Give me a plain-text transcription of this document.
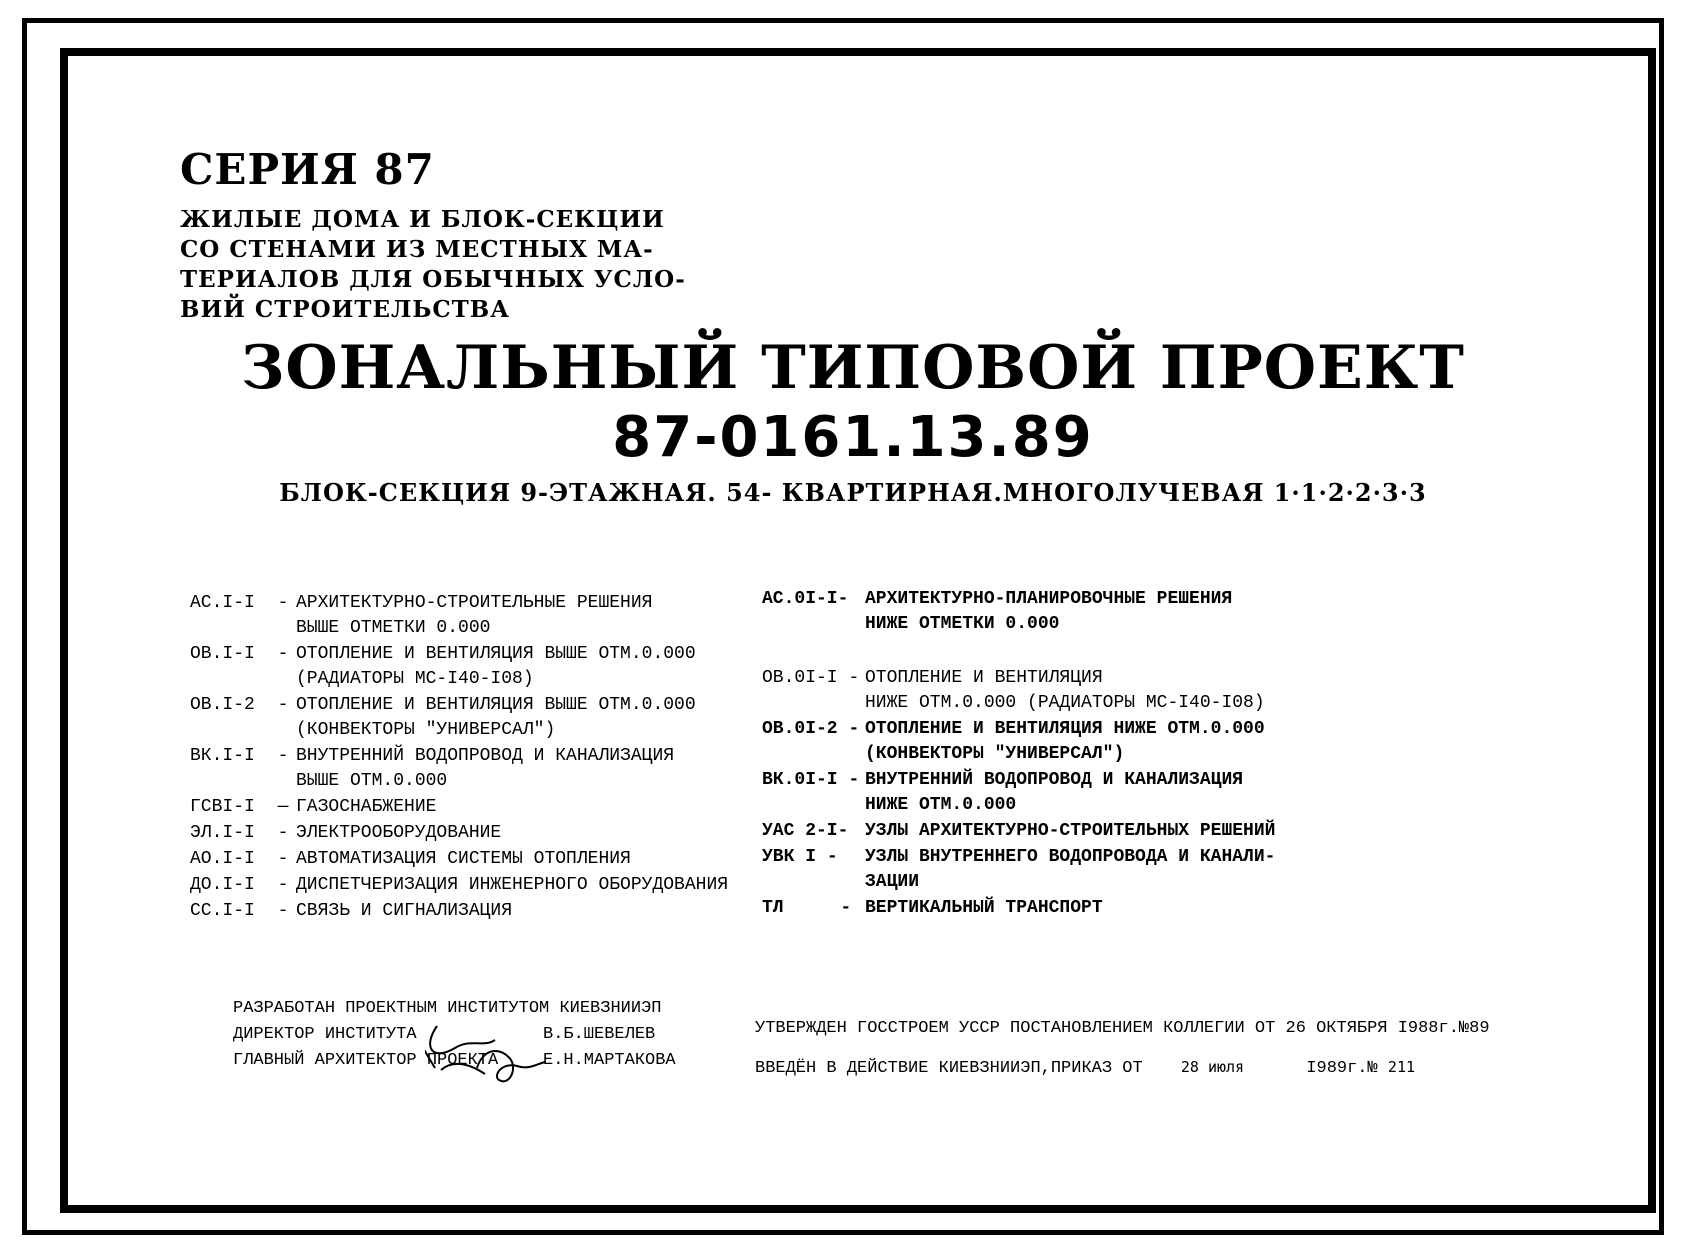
СЕРИЯ 87
ЖИЛЫЕ ДОМА И БЛОК-СЕКЦИИ
СО СТЕНАМИ ИЗ МЕСТНЫХ МА-
ТЕРИАЛОВ ДЛЯ ОБЫЧНЫХ УСЛО-
ВИЙ СТРОИТЕЛЬСТВА
ЗОНАЛЬНЫЙ ТИПОВОЙ ПРОЕКТ
87-0161.13.89
БЛОК-СЕКЦИЯ 9-ЭТАЖНАЯ. 54- КВАРТИРНАЯ.МНОГОЛУЧЕВАЯ 1·1·2·2·3·3
АС.I-I	- АРХИТЕКТУРНО-СТРОИТЕЛЬНЫЕ РЕШЕНИЯ
ВЫШЕ ОТМЕТКИ 0.000
ОВ.I-I	- ОТОПЛЕНИЕ И ВЕНТИЛЯЦИЯ ВЫШЕ ОТМ.0.000
(РАДИАТОРЫ МС-I40-I08)
ОВ.I-2	- ОТОПЛЕНИЕ И ВЕНТИЛЯЦИЯ ВЫШЕ ОТМ.0.000
(КОНВЕКТОРЫ "УНИВЕРСАЛ")
ВК.I-I	- ВНУТРЕННИЙ ВОДОПРОВОД И КАНАЛИЗАЦИЯ
ВЫШЕ ОТМ.0.000
ГСВI-I	— ГАЗОСНАБЖЕНИЕ
ЭЛ.I-I	- ЭЛЕКТРООБОРУДОВАНИЕ
АО.I-I	- АВТОМАТИЗАЦИЯ СИСТЕМЫ ОТОПЛЕНИЯ
ДО.I-I	- ДИСПЕТЧЕРИЗАЦИЯ ИНЖЕНЕРНОГО ОБОРУДОВАНИЯ
СС.I-I	- СВЯЗЬ И СИГНАЛИЗАЦИЯ
АС.0I-I- АРХИТЕКТУРНО-ПЛАНИРОВОЧНЫЕ РЕШЕНИЯ
НИЖЕ ОТМЕТКИ 0.000
ОВ.0I-I - ОТОПЛЕНИЕ И ВЕНТИЛЯЦИЯ
НИЖЕ ОТМ.0.000 (РАДИАТОРЫ МС-I40-I08)
ОВ.0I-2 - ОТОПЛЕНИЕ И ВЕНТИЛЯЦИЯ НИЖЕ ОТМ.0.000
(КОНВЕКТОРЫ "УНИВЕРСАЛ")
ВК.0I-I - ВНУТРЕННИЙ ВОДОПРОВОД И КАНАЛИЗАЦИЯ
НИЖЕ ОТМ.0.000
УАС 2-I- УЗЛЫ АРХИТЕКТУРНО-СТРОИТЕЛЬНЫХ РЕШЕНИЙ
УВК I -	УЗЛЫ ВНУТРЕННЕГО ВОДОПРОВОДА И КАНАЛИ-
ЗАЦИИ
ТЛ	- ВЕРТИКАЛЬНЫЙ ТРАНСПОРТ
РАЗРАБОТАН ПРОЕКТНЫМ ИНСТИТУТОМ КИЕВЗНИИЭП
ДИРЕКТОР ИНСТИТУТА	В.Б.ШЕВЕЛЕВ
ГЛАВНЫЙ АРХИТЕКТОР ПРОЕКТА	Е.Н.МАРТАКОВА
УТВЕРЖДЕН ГОССТРОЕМ УССР ПОСТАНОВЛЕНИЕМ КОЛЛЕГИИ ОТ 26 ОКТЯБРЯ I988г.№89
ВВЕДЁН В ДЕЙСТВИЕ КИЕВЗНИИЭП,ПРИКАЗ ОТ	28 июля	I989г.№ 211
